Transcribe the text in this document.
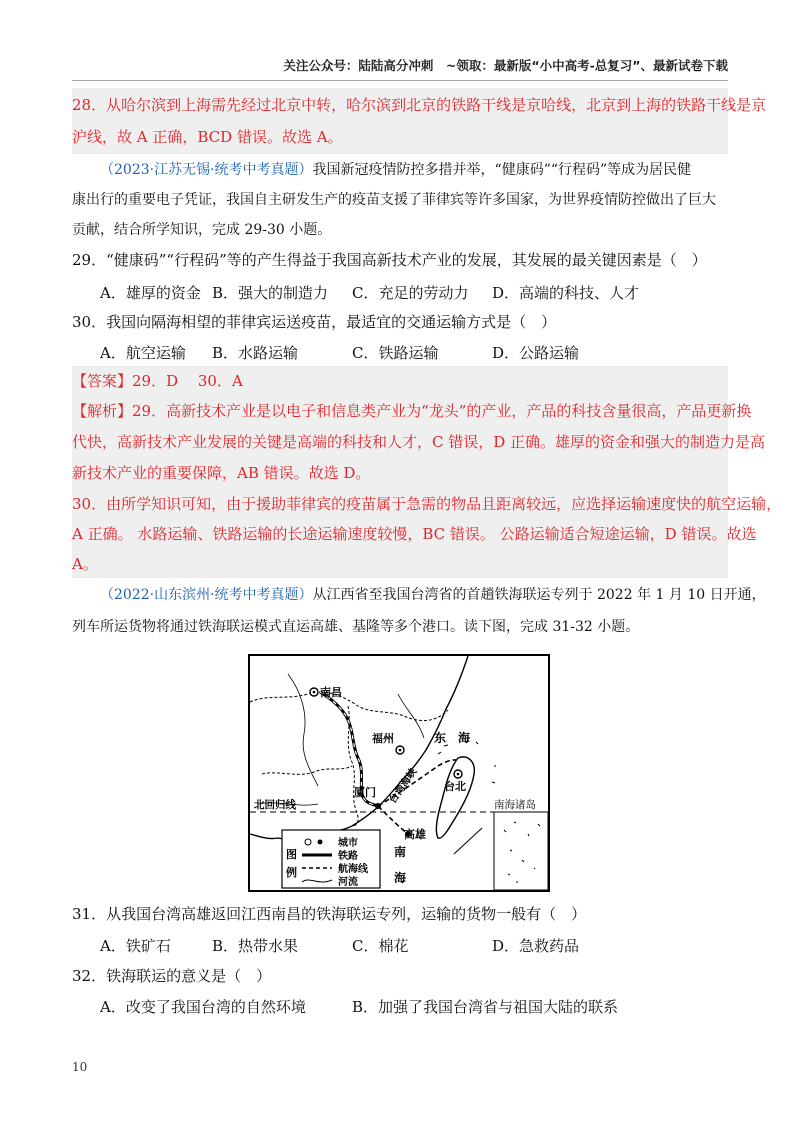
关注公众号：陆陆高分冲刺　~领取：最新版“小中高考-总复习”、最新试卷下载
28．从哈尔滨到上海需先经过北京中转，哈尔滨到北京的铁路干线是京哈线，北京到上海的铁路干线是京
沪线，故 A 正确，BCD 错误。故选 A。
（2023·江苏无锡·统考中考真题）我国新冠疫情防控多措并举，“健康码”“行程码”等成为居民健
康出行的重要电子凭证，我国自主研发生产的疫苗支援了菲律宾等许多国家，为世界疫情防控做出了巨大
贡献，结合所学知识，完成 29-30 小题。
29．“健康码”“行程码”等的产生得益于我国高新技术产业的发展，其发展的最关键因素是（　）
A．雄厚的资金 B．强大的制造力 C．充足的劳动力 D．高端的科技、人才
30．我国向隔海相望的菲律宾运送疫苗，最适宜的交通运输方式是（　）
A．航空运输 B．水路运输	C．铁路运输	D．公路运输
【答案】29．D　 30．A
【解析】29．高新技术产业是以电子和信息类产业为“龙头”的产业，产品的科技含量很高，产品更新换
代快，高新技术产业发展的关键是高端的科技和人才，C 错误，D 正确。雄厚的资金和强大的制造力是高
新技术产业的重要保障，AB 错误。故选 D。
30．由所学知识可知，由于援助菲律宾的疫苗属于急需的物品且距离较远，应选择运输速度快的航空运输，
A 正确。 水路运输、铁路运输的长途运输速度较慢，BC 错误。 公路运输适合短途运输，D 错误。故选
A。
（2022·山东滨州·统考中考真题）从江西省至我国台湾省的首趟铁海联运专列于 2022 年 1 月 10 日开通，
列车所运货物将通过铁海联运模式直运高雄、基隆等多个港口。读下图，完成 31-32 小题。
南昌
福州
厦门	台北
高雄
东　海
台湾海峡
南
海
北回归线	南海诸岛
图
例
城市
铁路
航海线
河流
31．从我国台湾高雄返回江西南昌的铁海联运专列，运输的货物一般有（　）
A．铁矿石	B．热带水果	C．棉花	D．急救药品
32．铁海联运的意义是（　）
A．改变了我国台湾的自然环境	B．加强了我国台湾省与祖国大陆的联系
10
